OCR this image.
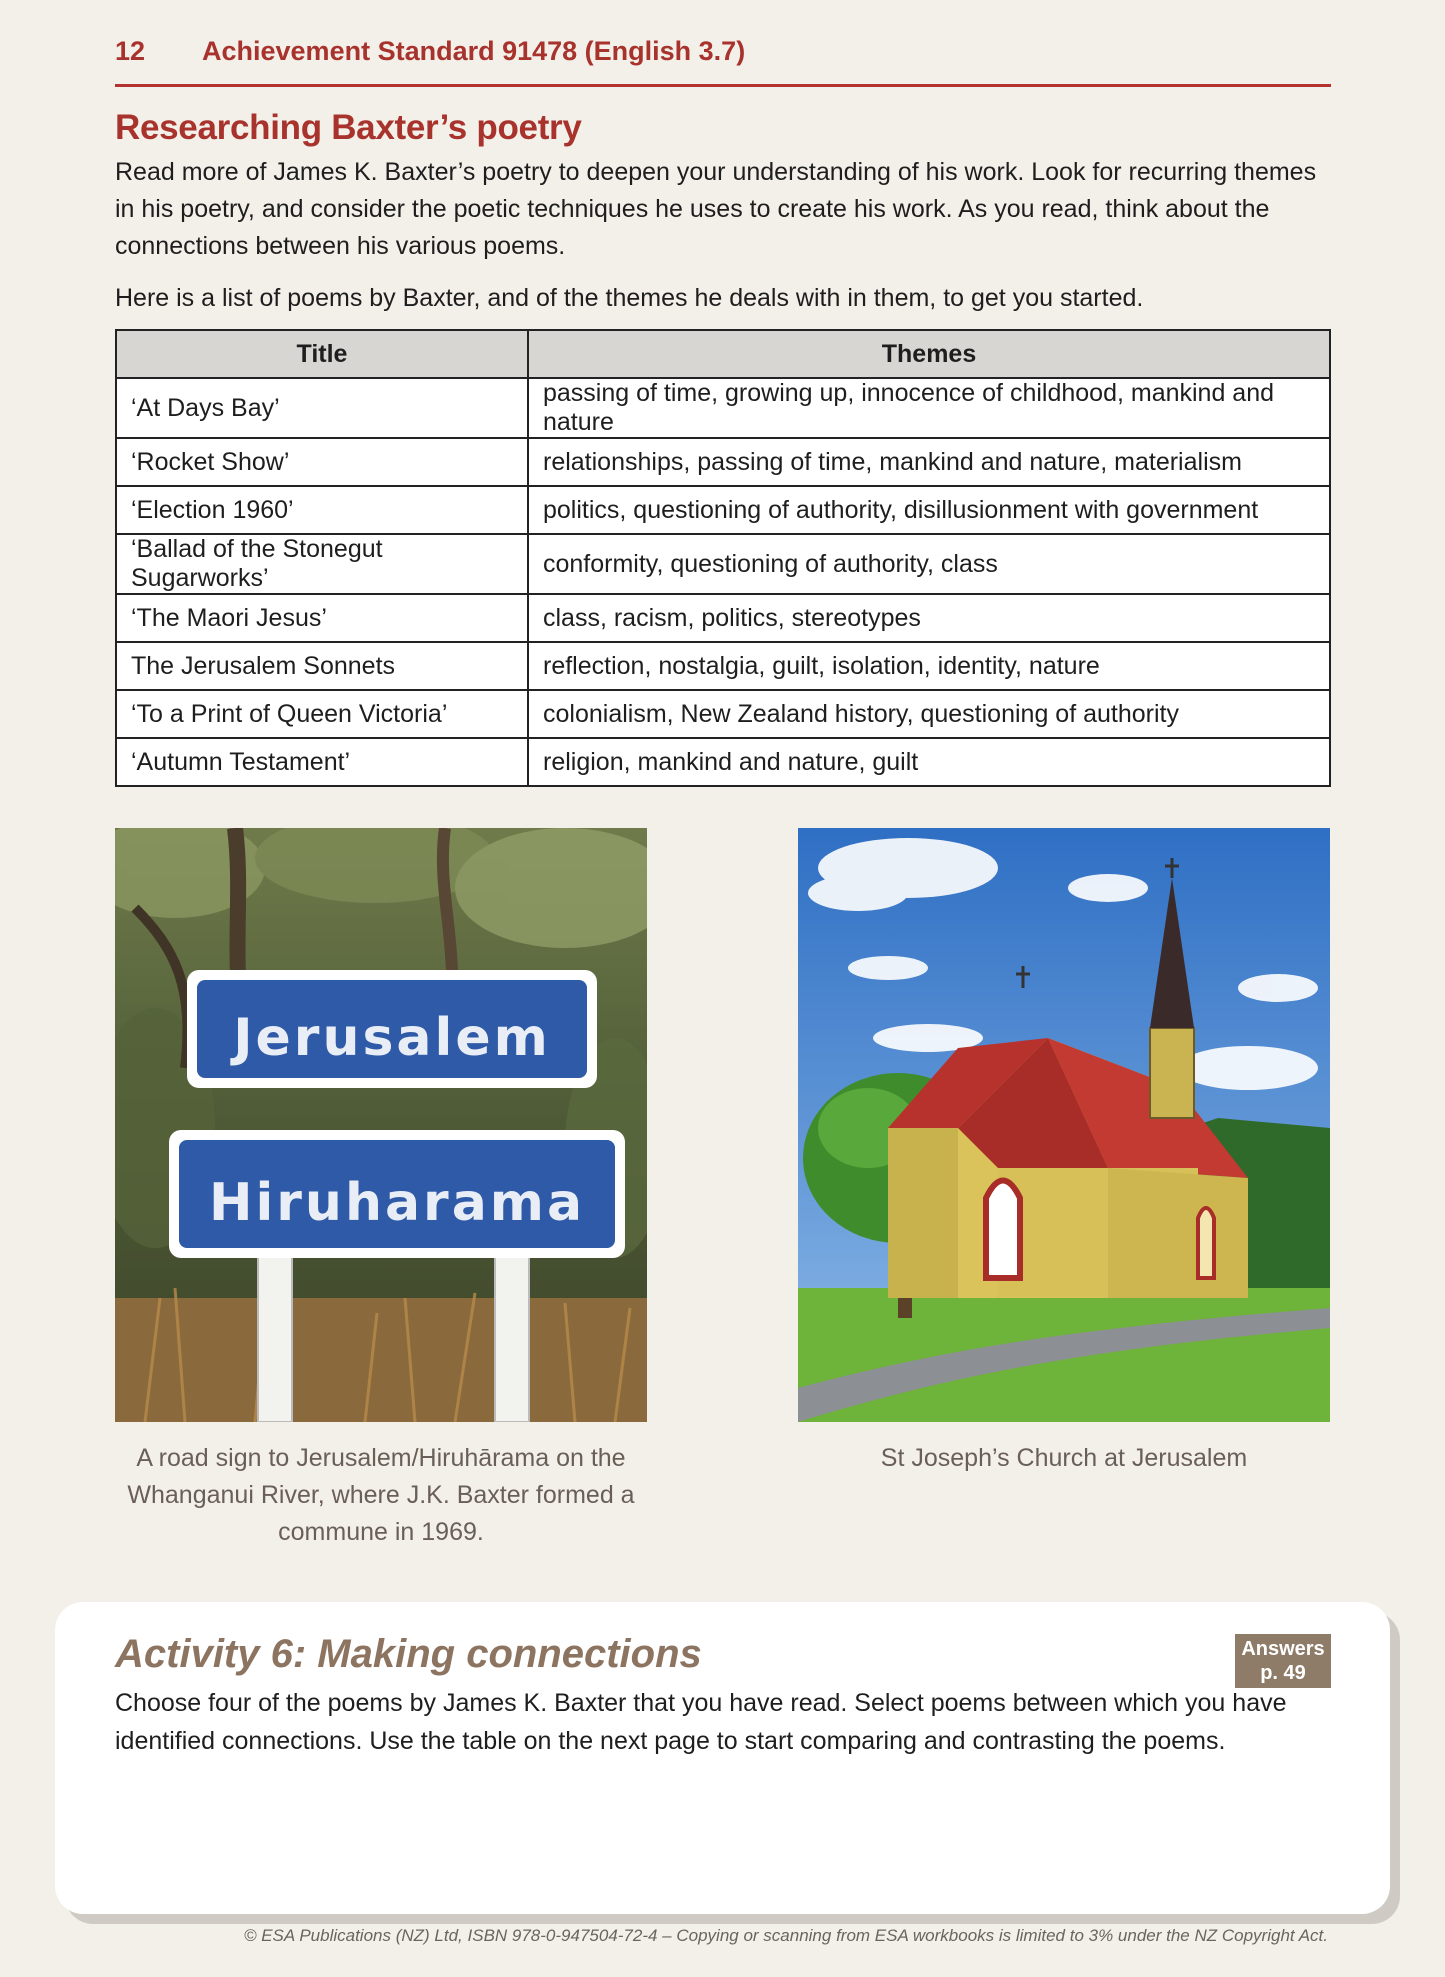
12 Achievement Standard 91478 (English 3.7)
Researching Baxter’s poetry

Read more of James K. Baxter’s poetry to deepen your understanding of his work. Look for recurring themes in his poetry, and consider the poetic techniques he uses to create his work. As you read, think about the connections between his various poems.

Here is a list of poems by Baxter, and of the themes he deals with in them, to get you started.

Title	Themes
‘At Days Bay’	passing of time, growing up, innocence of childhood, mankind and nature
‘Rocket Show’	relationships, passing of time, mankind and nature, materialism
‘Election 1960’	politics, questioning of authority, disillusionment with government
‘Ballad of the Stonegut Sugarworks’	conformity, questioning of authority, class
‘The Maori Jesus’	class, racism, politics, stereotypes
The Jerusalem Sonnets	reflection, nostalgia, guilt, isolation, identity, nature
‘To a Print of Queen Victoria’	colonialism, New Zealand history, questioning of authority
‘Autumn Testament’	religion, mankind and nature, guilt
Jerusalem
Hiruharama

A road sign to Jerusalem/Hiruhārama on the Whanganui River, where J.K. Baxter formed a commune in 1969.

St Joseph’s Church at Jerusalem

Activity 6: Making connections	Answers
p. 49

Choose four of the poems by James K. Baxter that you have read. Select poems between which you have identified connections. Use the table on the next page to start comparing and contrasting the poems.

© ESA Publications (NZ) Ltd, ISBN 978-0-947504-72-4 – Copying or scanning from ESA workbooks is limited to 3% under the NZ Copyright Act.
